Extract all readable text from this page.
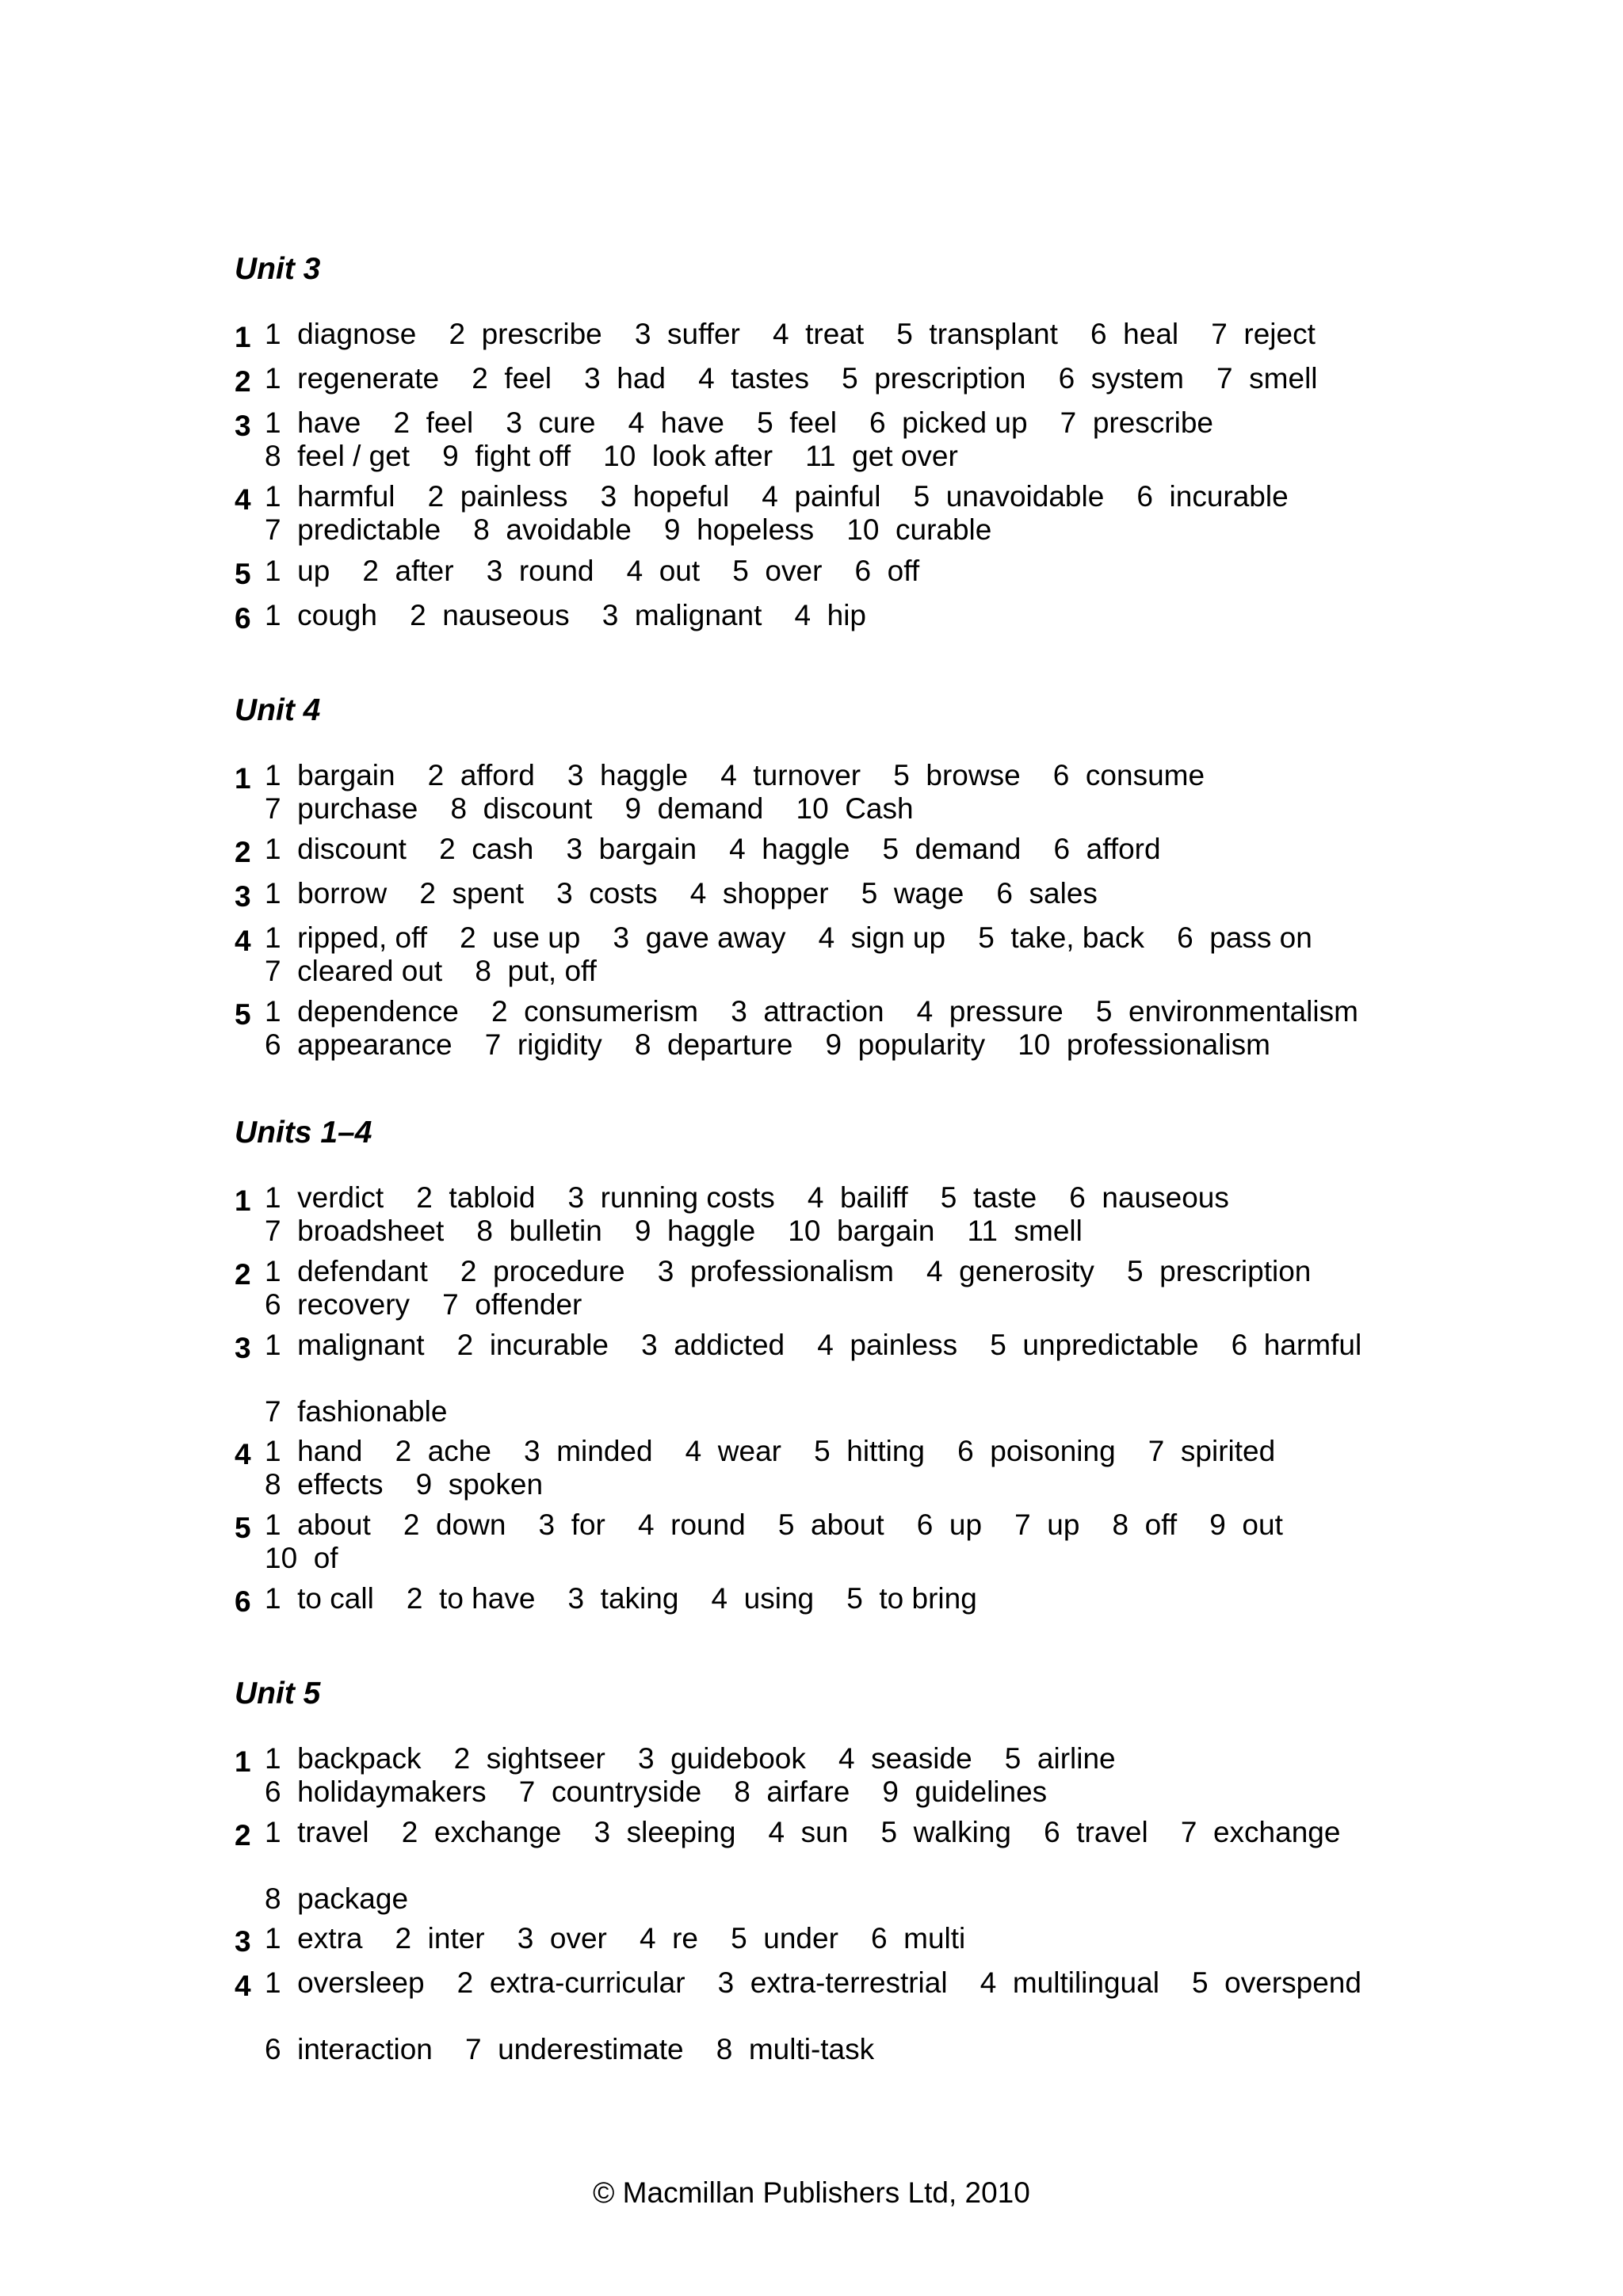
Unit 3
1 1  diagnose    2  prescribe    3  suffer    4  treat    5  transplant    6  heal    7  reject
2 1  regenerate    2  feel    3  had    4  tastes    5  prescription    6  system    7  smell
3 1  have    2  feel    3  cure    4  have    5  feel    6  picked up    7  prescribe
8  feel / get    9  fight off    10  look after    11  get over
4 1  harmful    2  painless    3  hopeful    4  painful    5  unavoidable    6  incurable
7  predictable    8  avoidable    9  hopeless    10  curable
5 1  up    2  after    3  round    4  out    5  over    6  off
6 1  cough    2  nauseous    3  malignant    4  hip
Unit 4
1 1  bargain    2  afford    3  haggle    4  turnover    5  browse    6  consume
7  purchase    8  discount    9  demand    10  Cash
2 1  discount    2  cash    3  bargain    4  haggle    5  demand    6  afford
3 1  borrow    2  spent    3  costs    4  shopper    5  wage    6  sales
4 1  ripped, off    2  use up    3  gave away    4  sign up    5  take, back    6  pass on
7  cleared out    8  put, off
5 1  dependence    2  consumerism    3  attraction    4  pressure    5  environmentalism
6  appearance    7  rigidity    8  departure    9  popularity    10  professionalism
Units 1–4
1 1  verdict    2  tabloid    3  running costs    4  bailiff    5  taste    6  nauseous
7  broadsheet    8  bulletin    9  haggle    10  bargain    11  smell
2 1  defendant    2  procedure    3  professionalism    4  generosity    5  prescription
6  recovery    7  offender
3 1  malignant    2  incurable    3  addicted    4  painless    5  unpredictable    6  harmful
7  fashionable
4 1  hand    2  ache    3  minded    4  wear    5  hitting    6  poisoning    7  spirited
8  effects    9  spoken
5 1  about    2  down    3  for    4  round    5  about    6  up    7  up    8  off    9  out
10  of
6 1  to call    2  to have    3  taking    4  using    5  to bring
Unit 5
1 1  backpack    2  sightseer    3  guidebook    4  seaside    5  airline
6  holidaymakers    7  countryside    8  airfare    9  guidelines
2 1  travel    2  exchange    3  sleeping    4  sun    5  walking    6  travel    7  exchange
8  package
3 1  extra    2  inter    3  over    4  re    5  under    6  multi
4 1  oversleep    2  extra-curricular    3  extra-terrestrial    4  multilingual    5  overspend
6  interaction    7  underestimate    8  multi-task
© Macmillan Publishers Ltd, 2010
